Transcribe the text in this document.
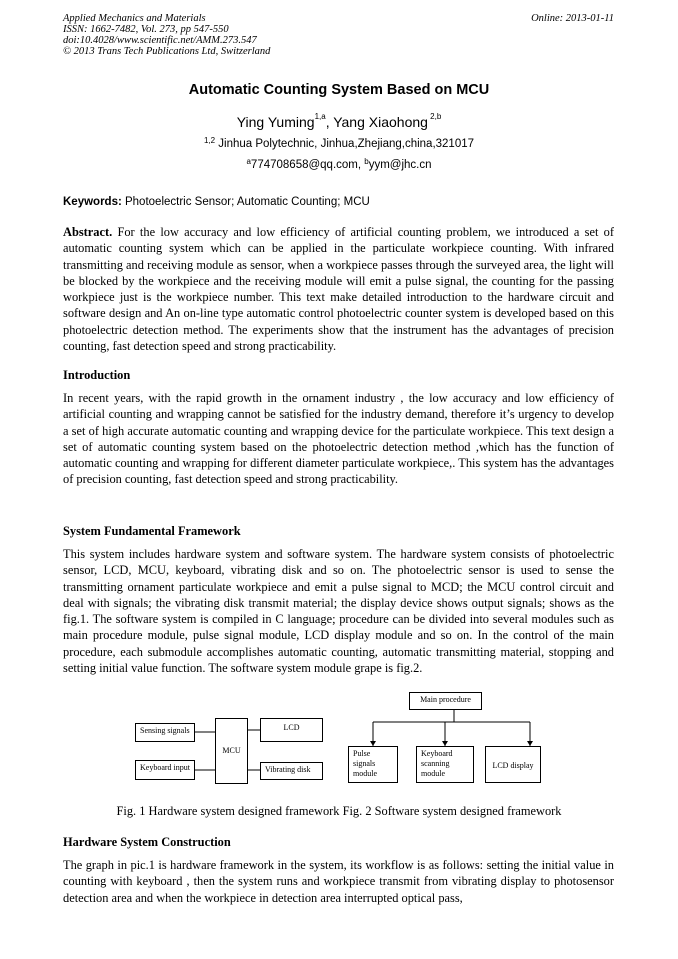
Applied Mechanics and Materials
ISSN: 1662-7482, Vol. 273, pp 547-550
doi:10.4028/www.scientific.net/AMM.273.547
© 2013 Trans Tech Publications Ltd, Switzerland
Online: 2013-01-11
Automatic Counting System Based on MCU
Ying Yuming$^{1,a}$, Yang Xiaohong $^{2,b}$
$^{1,2}$ Jinhua Polytechnic, Jinhua,Zhejiang,china,321017
$^a$774708658@qq.com, $^b$yym@jhc.cn
Keywords: Photoelectric Sensor; Automatic Counting; MCU
Abstract. For the low accuracy and low efficiency of artificial counting problem, we introduced a set of automatic counting system which can be applied in the particulate workpiece counting. With infrared transmitting and receiving module as sensor, when a workpiece passes through the surveyed area, the light will be blocked by the workpiece and the receiving module will emit a pulse signal, the counting for the passing workpiece just is the workpiece number. This text make detailed introduction to the hardware circuit and software design and An on-line type automatic control photoelectric counter system is developed based on this photoelectric detection method. The experiments show that the instrument has the advantages of precision counting, fast detection speed and strong practicability.
Introduction
In recent years, with the rapid growth in the ornament industry , the low accuracy and low efficiency of artificial counting and wrapping cannot be satisfied for the industry demand, therefore it’s urgency to develop a set of high accurate automatic counting and wrapping device for the particulate workpiece. This text design a set of automatic counting system based on the photoelectric detection method ,which has the function of automatic counting and wrapping for different diameter particulate workpiece,. This system has the advantages of precision counting, fast detection speed and strong practicability.
System Fundamental Framework
This system includes hardware system and software system. The hardware system consists of photoelectric sensor, LCD, MCU, keyboard, vibrating disk and so on. The photoelectric sensor is used to sense the transmitting ornament particulate workpiece and emit a pulse signal to MCD; the MCU control circuit and deal with signals; the vibrating disk transmit material; the display device shows output signals; shows as the fig.1. The software system is compiled in C language; procedure can be divided into several modules such as main procedure module, pulse signal module, LCD display module and so on. In the control of the main procedure, each submodule accomplishes automatic counting, automatic transmitting material, stopping and setting initial value function. The software system module grape is fig.2.
Sensing signals
Keyboard input
MCU
LCD
Vibrating disk
Main procedure
Pulse signals module
Keyboard scanning module
LCD display
Fig. 1 Hardware system designed framework Fig. 2 Software system designed framework
Hardware System Construction
The graph in pic.1 is hardware framework in the system, its workflow is as follows: setting the initial value in counting with keyboard , then the system runs and workpiece transmit from vibrating display to photosensor detection area and when the workpiece in detection area interrupted optical pass,
